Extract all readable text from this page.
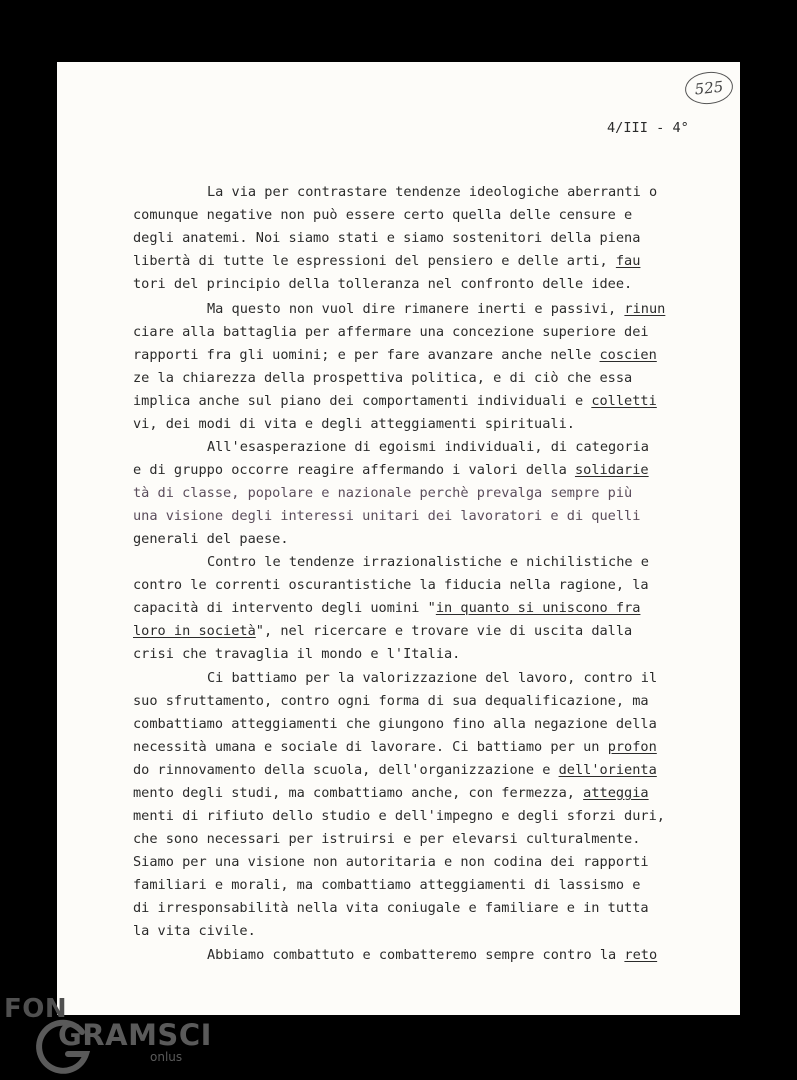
525
4/III - 4°
La via per contrastare tendenze ideologiche aberranti o
comunque negative non può essere certo quella delle censure e
degli anatemi. Noi siamo stati e siamo sostenitori della piena
libertà di tutte le espressioni del pensiero e delle arti, fau
tori del principio della tolleranza nel confronto delle idee.
Ma questo non vuol dire rimanere inerti e passivi, rinun
ciare alla battaglia per affermare una concezione superiore dei
rapporti fra gli uomini; e per fare avanzare anche nelle coscien
ze la chiarezza della prospettiva politica, e di ciò che essa
implica anche sul piano dei comportamenti individuali e colletti
vi, dei modi di vita e degli atteggiamenti spirituali.
All'esasperazione di egoismi individuali, di categoria
e di gruppo occorre reagire affermando i valori della solidarie
tà di classe, popolare e nazionale perchè prevalga sempre più
una visione degli interessi unitari dei lavoratori e di quelli
generali del paese.
Contro le tendenze irrazionalistiche e nichilistiche e
contro le correnti oscurantistiche la fiducia nella ragione, la
capacità di intervento degli uomini "in quanto si uniscono fra
loro in società", nel ricercare e trovare vie di uscita dalla
crisi che travaglia il mondo e l'Italia.
Ci battiamo per la valorizzazione del lavoro, contro il
suo sfruttamento, contro ogni forma di sua dequalificazione, ma
combattiamo atteggiamenti che giungono fino alla negazione della
necessità umana e sociale di lavorare. Ci battiamo per un profon
do rinnovamento della scuola, dell'organizzazione e dell'orienta
mento degli studi, ma combattiamo anche, con fermezza, atteggia
menti di rifiuto dello studio e dell'impegno e degli sforzi duri,
che sono necessari per istruirsi e per elevarsi culturalmente.
Siamo per una visione non autoritaria e non codina dei rapporti
familiari e morali, ma combattiamo atteggiamenti di lassismo e
di irresponsabilità nella vita coniugale e familiare e in tutta
la vita civile.
Abbiamo combattuto e combatteremo sempre contro la reto
FON
GRAMSCI
onlus
